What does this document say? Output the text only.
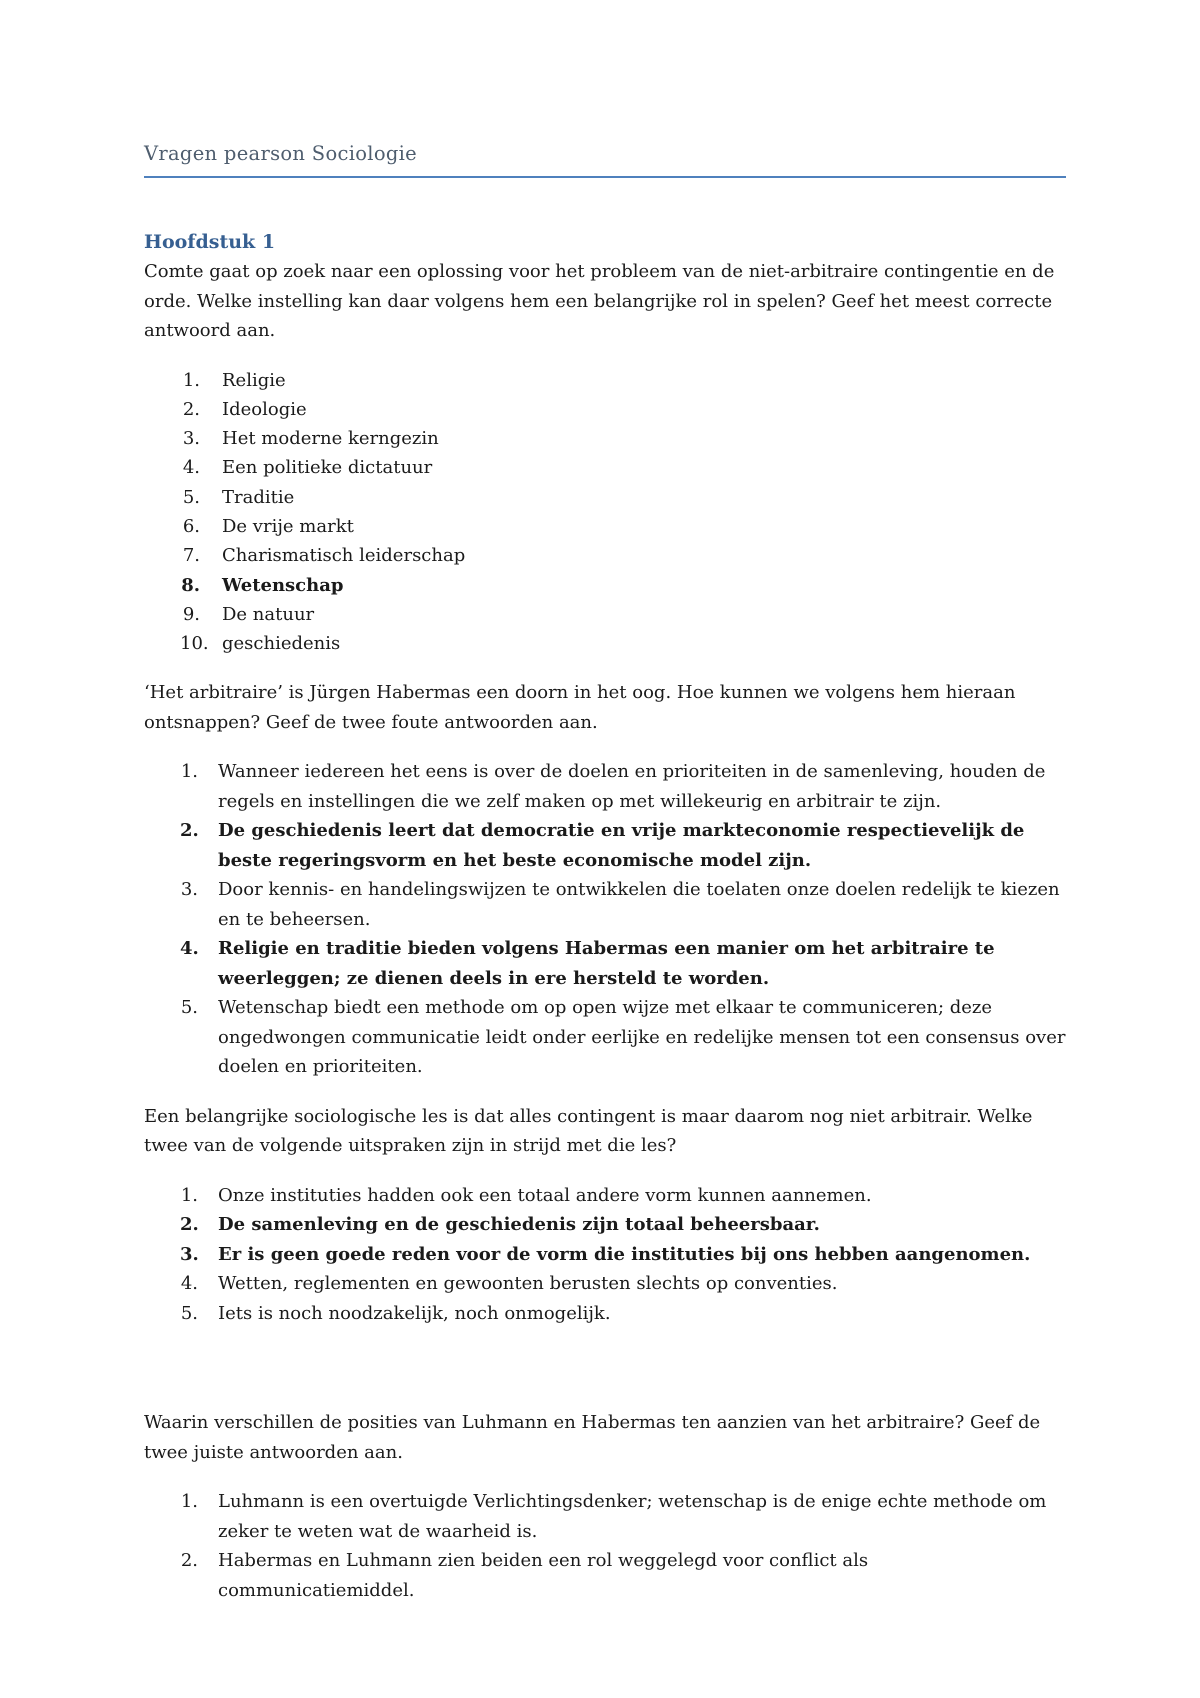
Vragen pearson Sociologie
Hoofdstuk 1

Comte gaat op zoek naar een oplossing voor het probleem van de niet-arbitraire contingentie en de orde. Welke instelling kan daar volgens hem een belangrijke rol in spelen? Geef het meest correcte antwoord aan.

1. Religie
2. Ideologie
3. Het moderne kerngezin
4. Een politieke dictatuur
5. Traditie
6. De vrije markt
7. Charismatisch leiderschap
8. Wetenschap
9. De natuur
10. geschiedenis

‘Het arbitraire’ is Jürgen Habermas een doorn in het oog. Hoe kunnen we volgens hem hieraan ontsnappen? Geef de twee foute antwoorden aan.

1. Wanneer iedereen het eens is over de doelen en prioriteiten in de samenleving, houden de regels en instellingen die we zelf maken op met willekeurig en arbitrair te zijn.
2. De geschiedenis leert dat democratie en vrije markteconomie respectievelijk de beste regeringsvorm en het beste economische model zijn.
3. Door kennis- en handelingswijzen te ontwikkelen die toelaten onze doelen redelijk te kiezen en te beheersen.
4. Religie en traditie bieden volgens Habermas een manier om het arbitraire te weerleggen; ze dienen deels in ere hersteld te worden.
5. Wetenschap biedt een methode om op open wijze met elkaar te communiceren; deze ongedwongen communicatie leidt onder eerlijke en redelijke mensen tot een consensus over doelen en prioriteiten.

Een belangrijke sociologische les is dat alles contingent is maar daarom nog niet arbitrair. Welke twee van de volgende uitspraken zijn in strijd met die les?

1. Onze instituties hadden ook een totaal andere vorm kunnen aannemen.
2. De samenleving en de geschiedenis zijn totaal beheersbaar.
3. Er is geen goede reden voor de vorm die instituties bij ons hebben aangenomen.
4. Wetten, reglementen en gewoonten berusten slechts op conventies.
5. Iets is noch noodzakelijk, noch onmogelijk.

Waarin verschillen de posities van Luhmann en Habermas ten aanzien van het arbitraire? Geef de twee juiste antwoorden aan.

1. Luhmann is een overtuigde Verlichtingsdenker; wetenschap is de enige echte methode om zeker te weten wat de waarheid is.
2. Habermas en Luhmann zien beiden een rol weggelegd voor conflict als communicatiemiddel.
